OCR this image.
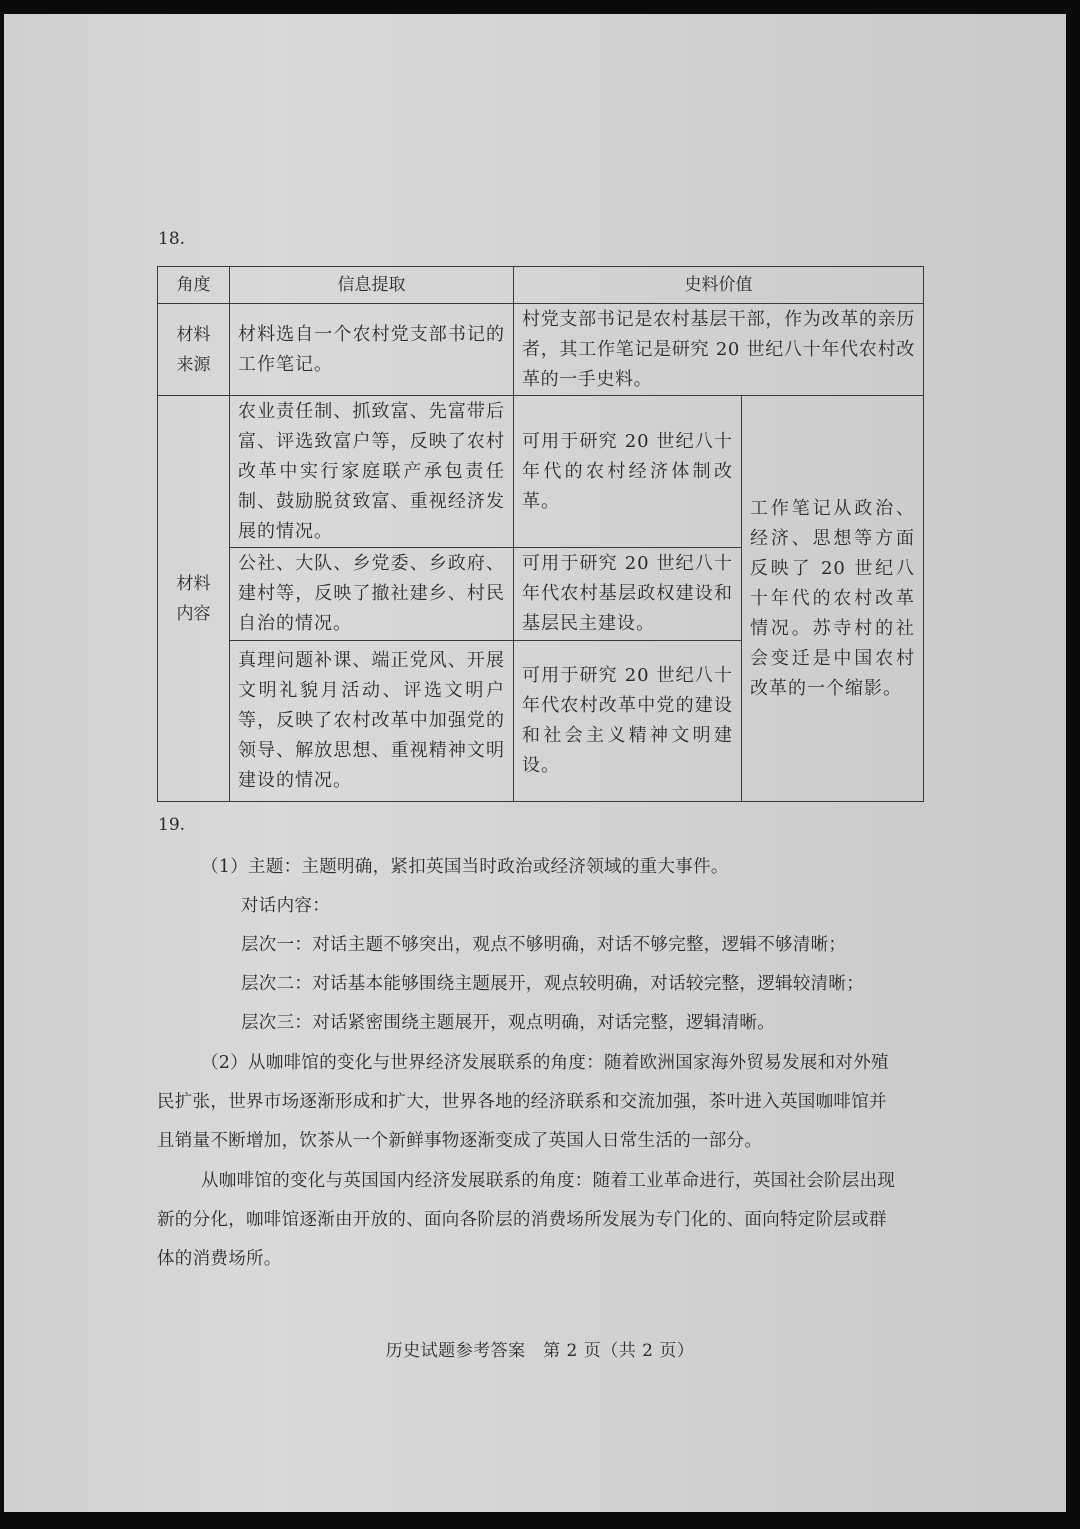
18.
角度	信息提取	史料价值	

材料
来源	材料选自一个农村党支部书记的工作笔记。	村党支部书记是农村基层干部，作为改革的亲历者，其工作笔记是研究 20 世纪八十年代农村改革的一手史料。	

材料
内容	农业责任制、抓致富、先富带后富、评选致富户等，反映了农村改革中实行家庭联产承包责任制、鼓励脱贫致富、重视经济发展的情况。	可用于研究 20 世纪八十年代的农村经济体制改革。	工作笔记从政治、经济、思想等方面反映了 20 世纪八十年代的农村改革情况。苏寺村的社会变迁是中国农村改革的一个缩影。
	公社、大队、乡党委、乡政府、建村等，反映了撤社建乡、村民自治的情况。	可用于研究 20 世纪八十年代农村基层政权建设和基层民主建设。	
	真理问题补课、端正党风、开展文明礼貌月活动、评选文明户等，反映了农村改革中加强党的领导、解放思想、重视精神文明建设的情况。	可用于研究 20 世纪八十年代农村改革中党的建设和社会主义精神文明建设。	
19.
（1）主题：主题明确，紧扣英国当时政治或经济领域的重大事件。
对话内容：
层次一：对话主题不够突出，观点不够明确，对话不够完整，逻辑不够清晰；
层次二：对话基本能够围绕主题展开，观点较明确，对话较完整，逻辑较清晰；
层次三：对话紧密围绕主题展开，观点明确，对话完整，逻辑清晰。
（2）从咖啡馆的变化与世界经济发展联系的角度：随着欧洲国家海外贸易发展和对外殖
民扩张，世界市场逐渐形成和扩大，世界各地的经济联系和交流加强，茶叶进入英国咖啡馆并
且销量不断增加，饮茶从一个新鲜事物逐渐变成了英国人日常生活的一部分。
从咖啡馆的变化与英国国内经济发展联系的角度：随着工业革命进行，英国社会阶层出现
新的分化，咖啡馆逐渐由开放的、面向各阶层的消费场所发展为专门化的、面向特定阶层或群
体的消费场所。
历史试题参考答案　第 2 页（共 2 页）
